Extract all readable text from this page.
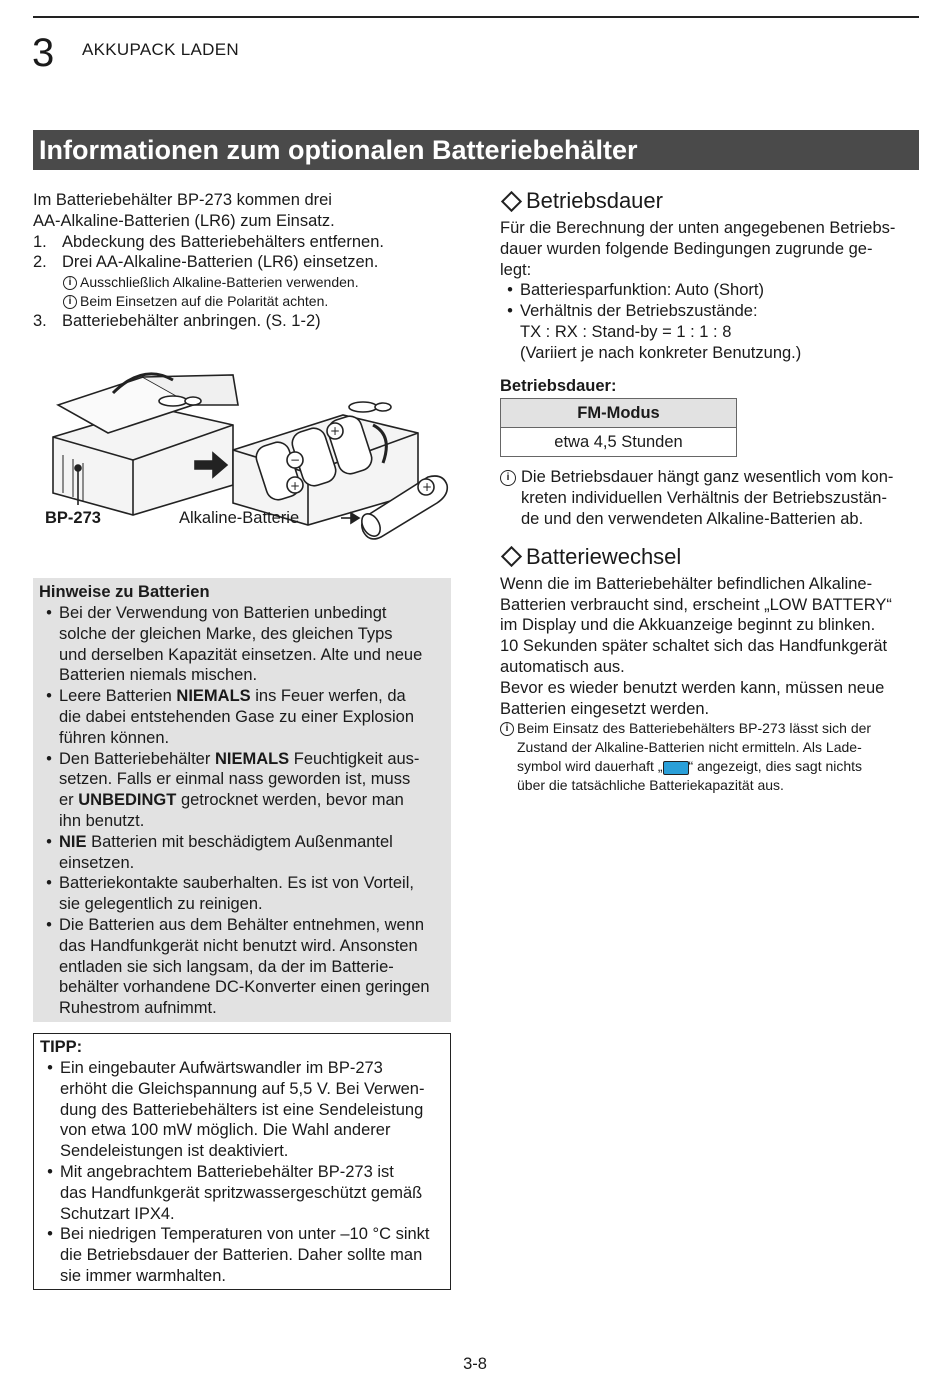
3 AKKUPACK LADEN
Informationen zum optionalen Batteriebehälter
Im Batteriebehälter BP-273 kommen drei
AA-Alkaline-Batterien (LR6) zum Einsatz.
1. Abdeckung des Batteriebehälters entfernen.
2. Drei AA-Alkaline-Batterien (LR6) einsetzen.
i Ausschließlich Alkaline-Batterien verwenden.
i Beim Einsetzen auf die Polarität achten.
3. Batteriebehälter anbringen. (S. 1-2)
−
+
+	+
BP-273	Alkaline-Batterie
Hinweise zu Batterien
• Bei der Verwendung von Batterien unbedingt
solche der gleichen Marke, des gleichen Typs
und derselben Kapazität einsetzen. Alte und neue
Batterien niemals mischen.
• Leere Batterien NIEMALS ins Feuer werfen, da
die dabei entstehenden Gase zu einer Explosion
führen können.
• Den Batteriebehälter NIEMALS Feuchtigkeit aus-
setzen. Falls er einmal nass geworden ist, muss
er UNBEDINGT getrocknet werden, bevor man
ihn benutzt.
• NIE Batterien mit beschädigtem Außenmantel
einsetzen.
• Batteriekontakte sauberhalten. Es ist von Vorteil,
sie gelegentlich zu reinigen.
• Die Batterien aus dem Behälter entnehmen, wenn
das Handfunkgerät nicht benutzt wird. Ansonsten
entladen sie sich langsam, da der im Batterie-
behälter vorhandene DC-Konverter einen geringen
Ruhestrom aufnimmt.
TIPP:
• Ein eingebauter Aufwärtswandler im BP-273
erhöht die Gleichspannung auf 5,5 V. Bei Verwen-
dung des Batteriebehälters ist eine Sendeleistung
von etwa 100 mW möglich. Die Wahl anderer
Sendeleistungen ist deaktiviert.
• Mit angebrachtem Batteriebehälter BP-273 ist
das Handfunkgerät spritzwassergeschützt gemäß
Schutzart IPX4.
• Bei niedrigen Temperaturen von unter –10 °C sinkt
die Betriebsdauer der Batterien. Daher sollte man
sie immer warmhalten.
Betriebsdauer
Für die Berechnung der unten angegebenen Betriebs-
dauer wurden folgende Bedingungen zugrunde ge-
legt:
• Batteriesparfunktion: Auto (Short)
• Verhältnis der Betriebszustände:
TX : RX : Stand-by = 1 : 1 : 8
(Variiert je nach konkreter Benutzung.)
Betriebsdauer:
FM-Modus
etwa 4,5 Stunden
i Die Betriebsdauer hängt ganz wesentlich vom kon-
kreten individuellen Verhältnis der Betriebszustän-
de und den verwendeten Alkaline-Batterien ab.
Batteriewechsel
Wenn die im Batteriebehälter befindlichen Alkaline-
Batterien verbraucht sind, erscheint „LOW BATTERY“
im Display und die Akkuanzeige beginnt zu blinken.
10 Sekunden später schaltet sich das Handfunkgerät
automatisch aus.
Bevor es wieder benutzt werden kann, müssen neue
Batterien eingesetzt werden.
i Beim Einsatz des Batteriebehälters BP-273 lässt sich der
Zustand der Alkaline-Batterien nicht ermitteln. Als Lade-
symbol wird dauerhaft „ “ angezeigt, dies sagt nichts
über die tatsächliche Batteriekapazität aus.
3-8
